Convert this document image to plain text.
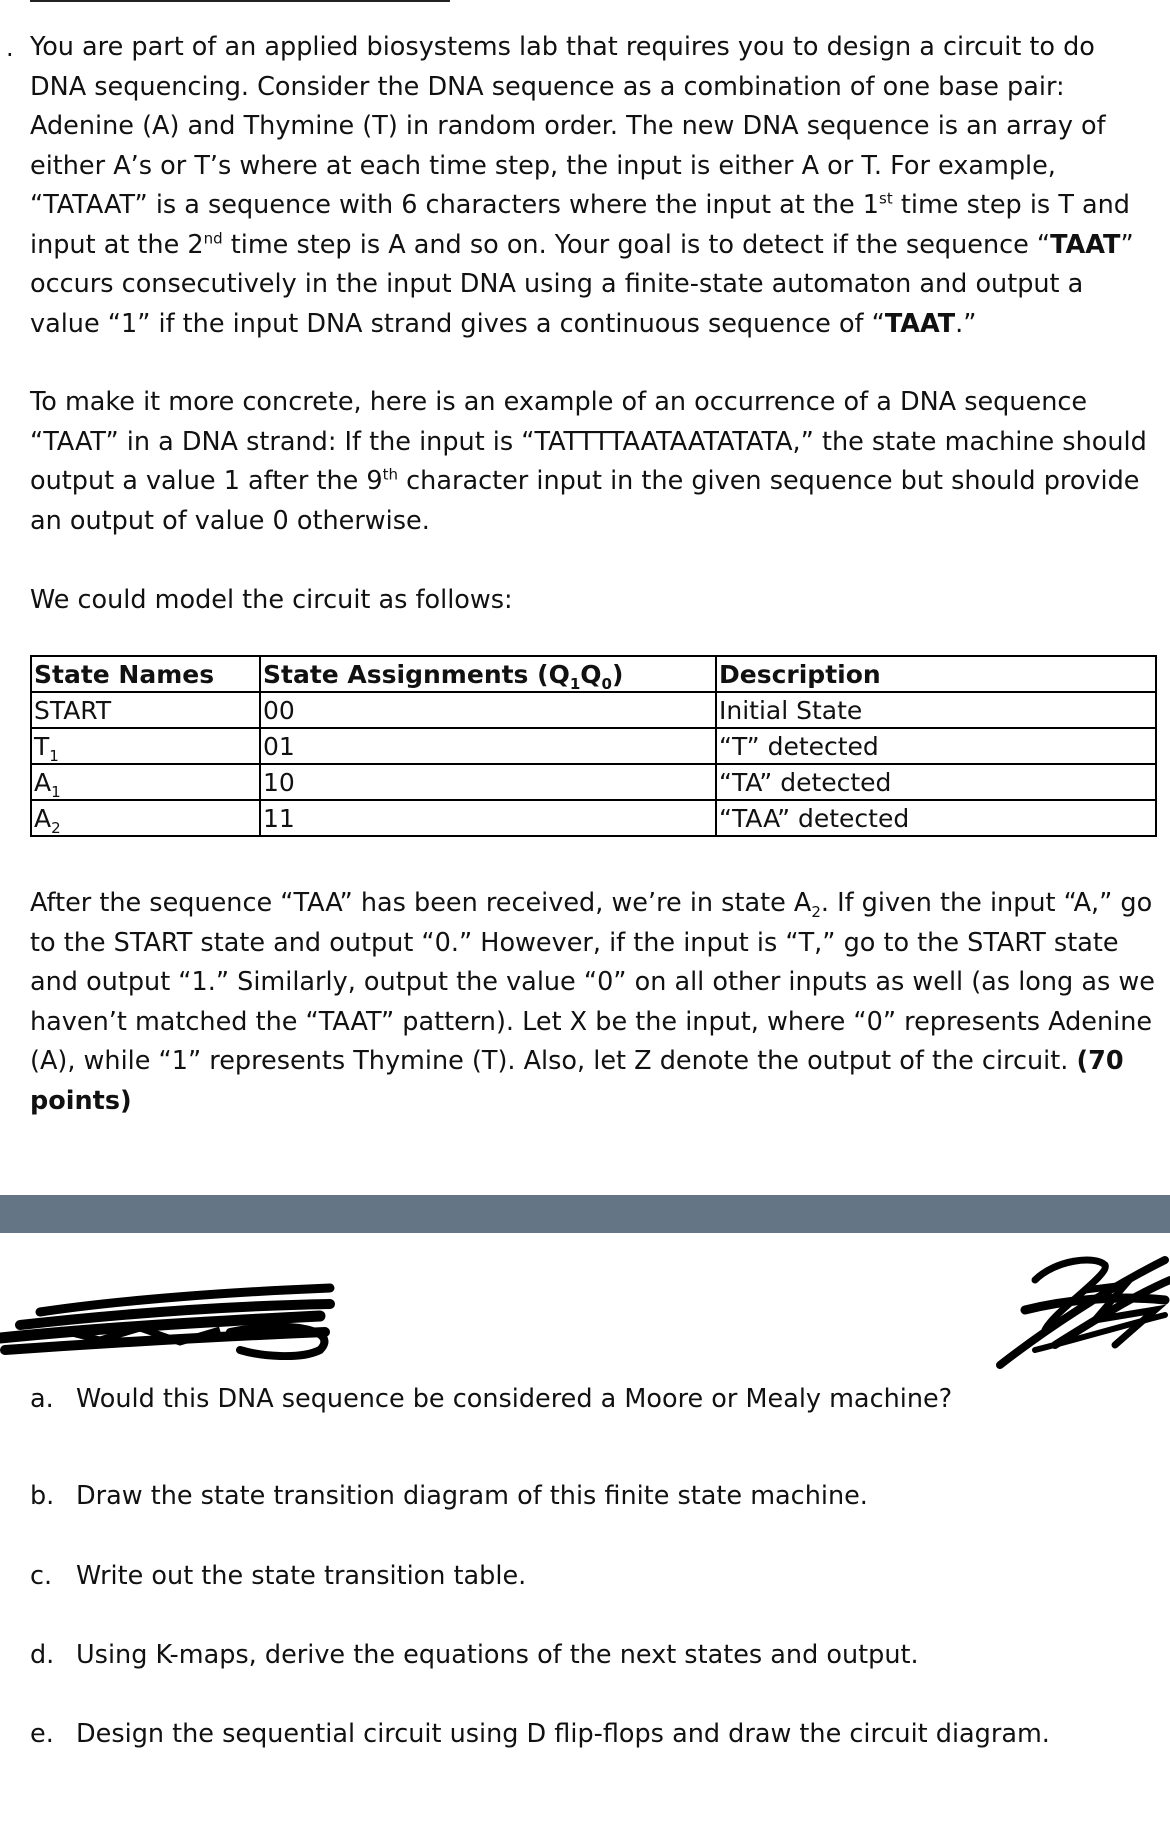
. You are part of an applied biosystems lab that requires you to design a circuit to do DNA sequencing. Consider the DNA sequence as a combination of one base pair: Adenine (A) and Thymine (T) in random order. The new DNA sequence is an array of either A’s or T’s where at each time step, the input is either A or T. For example, “TATAAT” is a sequence with 6 characters where the input at the 1st time step is T and input at the 2nd time step is A and so on. Your goal is to detect if the sequence “TAAT” occurs consecutively in the input DNA using a finite-state automaton and output a value “1” if the input DNA strand gives a continuous sequence of “TAAT.”

To make it more concrete, here is an example of an occurrence of a DNA sequence “TAAT” in a DNA strand: If the input is “TATTTTAATAATATATA,” the state machine should output a value 1 after the 9th character input in the given sequence but should provide an output of value 0 otherwise.

We could model the circuit as follows:

State Names	State Assignments $(Q_1Q_0)$	Description
START	00	Initial State
$T_1$	01	“T” detected
$A_1$	10	“TA” detected
$A_2$	11	“TAA” detected

After the sequence “TAA” has been received, we’re in state $A_2$. If given the input “A,” go to the START state and output “0.” However, if the input is “T,” go to the START state and output “1.” Similarly, output the value “0” on all other inputs as well (as long as we haven’t matched the “TAAT” pattern). Let X be the input, where “0” represents Adenine (A), while “1” represents Thymine (T). Also, let Z denote the output of the circuit. (70 points)

a. Would this DNA sequence be considered a Moore or Mealy machine?

b. Draw the state transition diagram of this finite state machine.

c. Write out the state transition table.

d. Using K-maps, derive the equations of the next states and output.

e. Design the sequential circuit using D flip-flops and draw the circuit diagram.
